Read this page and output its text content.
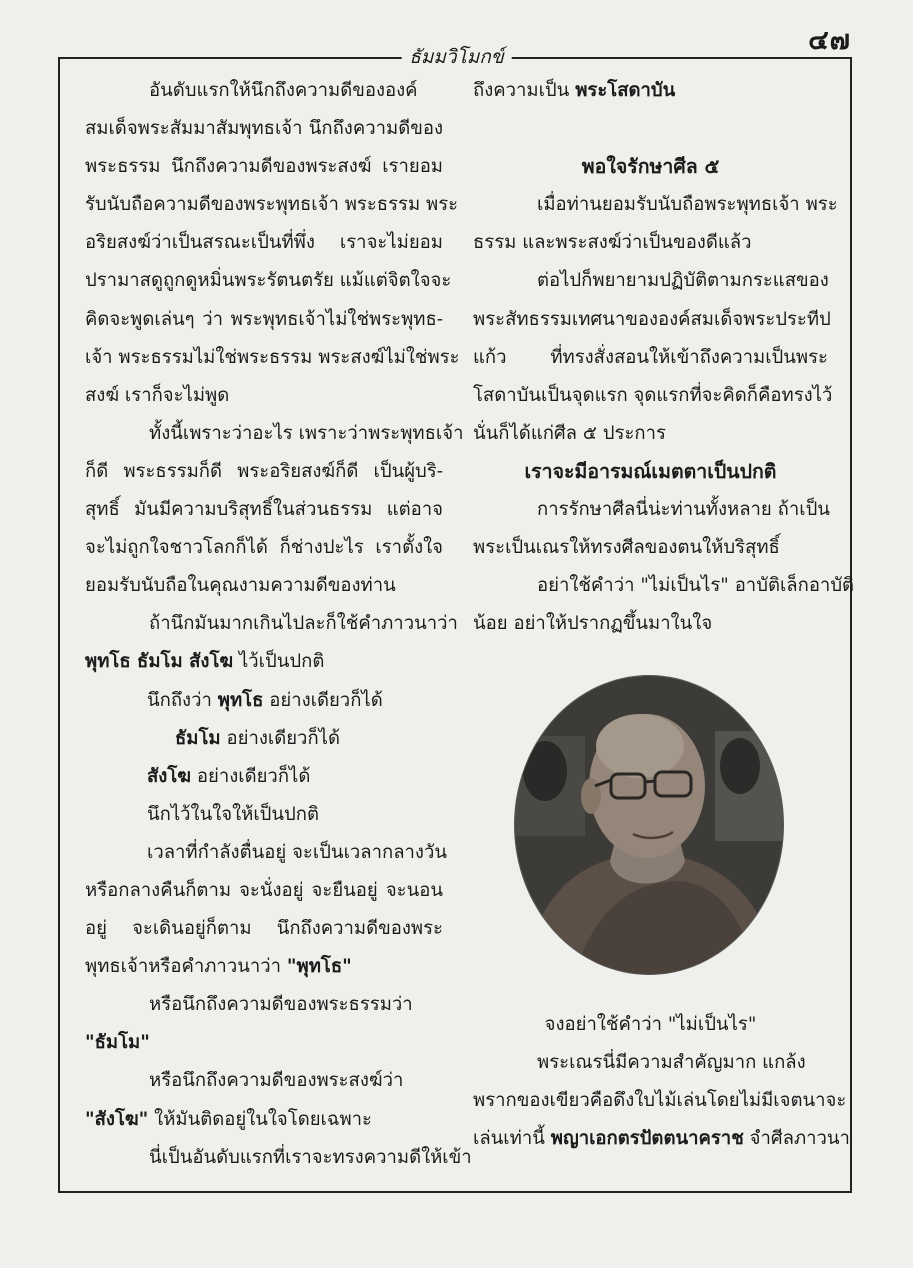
๔๗
ธัมมวิโมกข์
อันดับแรกให้นึกถึงความดีขององค์
สมเด็จพระสัมมาสัมพุทธเจ้า นึกถึงความดีของ
พระธรรม นึกถึงความดีของพระสงฆ์ เรายอม
รับนับถือความดีของพระพุทธเจ้า พระธรรม พระ
อริยสงฆ์ว่าเป็นสรณะเป็นที่พึ่ง เราจะไม่ยอม
ปรามาสดูถูกดูหมิ่นพระรัตนตรัย แม้แต่จิตใจจะ
คิดจะพูดเล่นๆ ว่า พระพุทธเจ้าไม่ใช่พระพุทธ-
เจ้า พระธรรมไม่ใช่พระธรรม พระสงฆ์ไม่ใช่พระ
สงฆ์ เราก็จะไม่พูด
ทั้งนี้เพราะว่าอะไร เพราะว่าพระพุทธเจ้า
ก็ดี พระธรรมก็ดี พระอริยสงฆ์ก็ดี เป็นผู้บริ-
สุทธิ์ มันมีความบริสุทธิ์ในส่วนธรรม แต่อาจ
จะไม่ถูกใจชาวโลกก็ได้ ก็ช่างปะไร เราตั้งใจ
ยอมรับนับถือในคุณงามความดีของท่าน
ถ้านึกมันมากเกินไปละก็ใช้คำภาวนาว่า
พุทโธ ธัมโม สังโฆ ไว้เป็นปกติ
นึกถึงว่า พุทโธ อย่างเดียวก็ได้
ธัมโม อย่างเดียวก็ได้
สังโฆ อย่างเดียวก็ได้
นึกไว้ในใจให้เป็นปกติ
เวลาที่กำลังตื่นอยู่ จะเป็นเวลากลางวัน
หรือกลางคืนก็ตาม จะนั่งอยู่ จะยืนอยู่ จะนอน
อยู่ จะเดินอยู่ก็ตาม นึกถึงความดีของพระ
พุทธเจ้าหรือคำภาวนาว่า "พุทโธ"
หรือนึกถึงความดีของพระธรรมว่า
"ธัมโม"
หรือนึกถึงความดีของพระสงฆ์ว่า
"สังโฆ" ให้มันติดอยู่ในใจโดยเฉพาะ
นี่เป็นอันดับแรกที่เราจะทรงความดีให้เข้า
ถึงความเป็น พระโสดาบัน
พอใจรักษาศีล ๕
เมื่อท่านยอมรับนับถือพระพุทธเจ้า พระ
ธรรม และพระสงฆ์ว่าเป็นของดีแล้ว
ต่อไปก็พยายามปฏิบัติตามกระแสของ
พระสัทธรรมเทศนาขององค์สมเด็จพระประทีป
แก้ว ที่ทรงสั่งสอนให้เข้าถึงความเป็นพระ
โสดาบันเป็นจุดแรก จุดแรกที่จะคิดก็คือทรงไว้
นั่นก็ได้แก่ศีล ๕ ประการ
เราจะมีอารมณ์เมตตาเป็นปกติ
การรักษาศีลนี่น่ะท่านทั้งหลาย ถ้าเป็น
พระเป็นเณรให้ทรงศีลของตนให้บริสุทธิ์
อย่าใช้คำว่า "ไม่เป็นไร" อาบัติเล็กอาบัติ
น้อย อย่าให้ปรากฏขึ้นมาในใจ
จงอย่าใช้คำว่า "ไม่เป็นไร"
พระเณรนี่มีความสำคัญมาก แกล้ง
พรากของเขียวคือดึงใบไม้เล่นโดยไม่มีเจตนาจะ
เล่นเท่านี้ พญาเอกตรปัตตนาคราช จำศีลภาวนา
